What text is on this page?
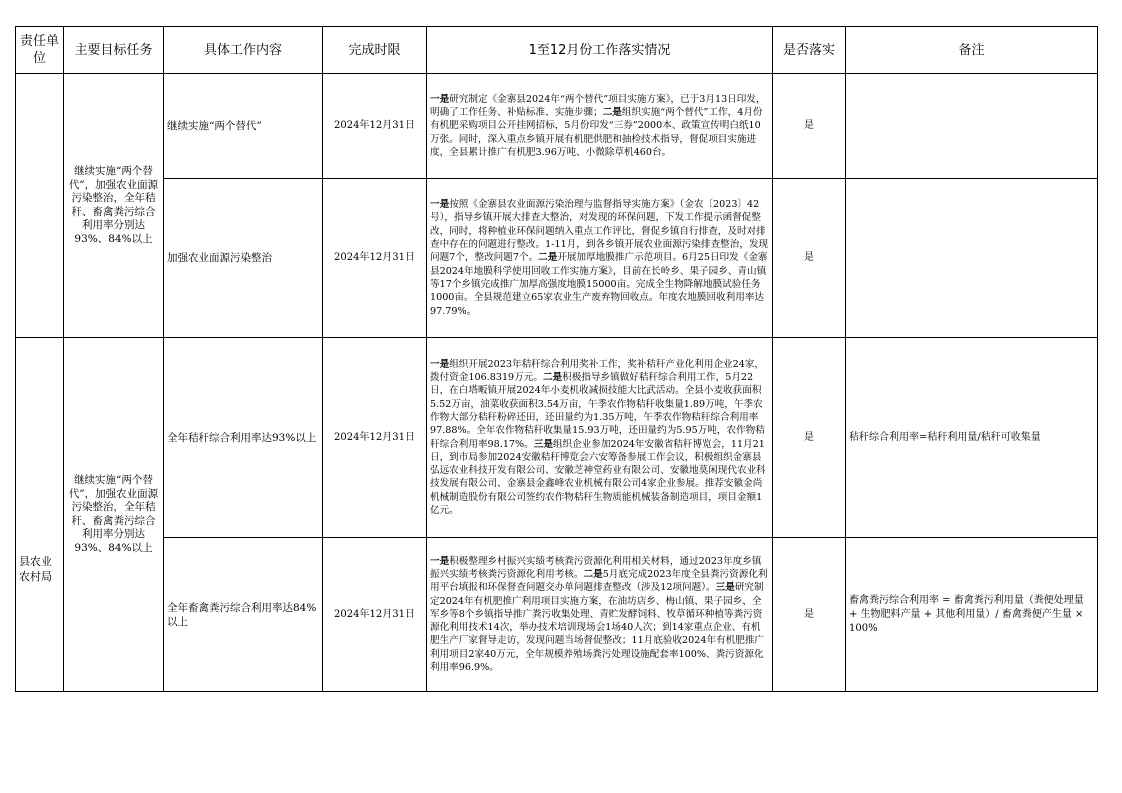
责任单位	主要目标任务	具体工作内容	完成时限	1至12月份工作落实情况	是否落实	备注
	继续实施“两个替代”，加强农业面源污染整治，全年秸秆、畜禽粪污综合利用率分别达93%、84%以上	继续实施“两个替代”	2024年12月31日	一是研究制定《金寨县2024年“两个替代”项目实施方案》，已于3月13日印发，明确了工作任务、补贴标准、实施步骤；二是组织实施“两个替代”工作，4月份有机肥采购项目公开挂网招标，5月份印发“三券”2000本、政策宣传明白纸10万张。同时，深入重点乡镇开展有机肥供肥和抽检技术指导，督促项目实施进度，全县累计推广有机肥3.96万吨、小微除草机460台。	是	
		加强农业面源污染整治	2024年12月31日	一是按照《金寨县农业面源污染治理与监督指导实施方案》（金农〔2023〕42 号），指导乡镇开展大排查大整治，对发现的环保问题，下发工作提示函督促整改，同时，将种植业环保问题纳入重点工作评比，督促乡镇自行排查，及时对排查中存在的问题进行整改。1-11月，到各乡镇开展农业面源污染排查整治，发现问题7个，整改问题7个。二是开展加厚地膜推广示范项目。6月25日印发《金寨县2024年地膜科学使用回收工作实施方案》，目前在长岭乡、果子园乡、青山镇等17个乡镇完成推广加厚高强度地膜15000亩。完成全生物降解地膜试验任务1000亩。全县规范建立65家农业生产废弃物回收点。年度农地膜回收利用率达97.79%。	是	

县农业农村局	继续实施“两个替代”，加强农业面源污染整治，全年秸秆、畜禽粪污综合利用率分别达93%、84%以上	全年秸秆综合利用率达93%以上	2024年12月31日	一是组织开展2023年秸秆综合利用奖补工作，奖补秸秆产业化利用企业24家，拨付资金106.8319万元。二是积极指导乡镇做好秸秆综合利用工作，5月22日，在白塔畈镇开展2024年小麦机收减损技能大比武活动。全县小麦收获面积5.52万亩，油菜收获面积3.54万亩，午季农作物秸秆收集量1.89万吨，午季农作物大部分秸秆粉碎还田，还田量约为1.35万吨，午季农作物秸秆综合利用率97.88%。全年农作物秸秆收集量15.93万吨，还田量约为5.95万吨，农作物秸秆综合利用率98.17%。三是组织企业参加2024年安徽省秸秆博览会，11月21日，到市局参加2024安徽秸秆博览会六安筹备参展工作会议，积极组织金寨县弘远农业科技开发有限公司、安徽芝神堂药业有限公司、安徽地莫闲现代农业科技发展有限公司、金寨县金鑫峰农业机械有限公司4家企业参展。推荐安徽金尚机械制造股份有限公司签约农作物秸秆生物质能机械装备制造项目，项目金额1亿元。	是	秸秆综合利用率=秸秆利用量/秸秆可收集量
		全年畜禽粪污综合利用率达84%以上	2024年12月31日	一是积极整理乡村振兴实绩考核粪污资源化利用相关材料，通过2023年度乡镇振兴实绩考核粪污资源化利用考核。二是5月底完成2023年度全县粪污资源化利用平台填报和环保督查问题交办单问题排查整改（涉及12项问题）。三是研究制定2024年有机肥推广利用项目实施方案，在油坊店乡、梅山镇、果子园乡、全军乡等8个乡镇指导推广粪污收集处理、青贮发酵饲料、牧草循环种植等粪污资源化利用技术14次，举办技术培训现场会1场40人次；到14家重点企业、有机肥生产厂家督导走访，发现问题当场督促整改；11月底验收2024年有机肥推广利用项目2家40万元，全年规模养殖场粪污处理设施配套率100%、粪污资源化利用率96.9%。	是	畜禽粪污综合利用率 = 畜禽粪污利用量（粪便处理量 + 生物肥料产量 + 其他利用量）/ 畜禽粪便产生量 × 100%
